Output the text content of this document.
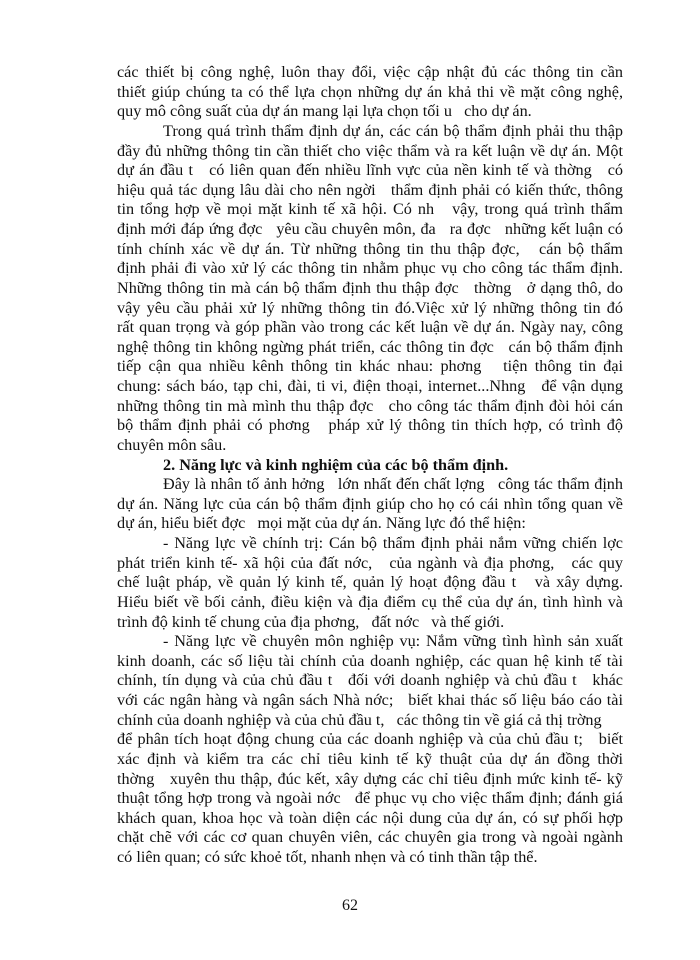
các thiết bị công nghệ, luôn thay đổi, việc cập nhật đủ các thông tin cần
thiết giúp chúng ta có thể lựa chọn những dự án khả thi về mặt công nghệ,
quy mô công suất của dự án mang lại lựa chọn tối u   cho dự án.
Trong quá trình thẩm định dự án, các cán bộ thẩm định phải thu thập
đầy đủ những thông tin cần thiết cho việc thẩm và ra kết luận về dự án. Một
dự án đầu t   có liên quan đến nhiều lĩnh vực của nền kinh tế và thờng   có
hiệu quả tác dụng lâu dài cho nên ngời   thẩm định phải có kiến thức, thông
tin tổng hợp về mọi mặt kinh tế xã hội. Có nh   vậy, trong quá trình thẩm
định mới đáp ứng đợc   yêu cầu chuyên môn, đa   ra đợc   những kết luận có
tính chính xác về dự án. Từ những thông tin thu thập đợc,   cán bộ thẩm
định phải đi vào xử lý các thông tin nhằm phục vụ cho công tác thẩm định.
Những thông tin mà cán bộ thẩm định thu thập đợc   thờng   ở dạng thô, do
vậy yêu cầu phải xử lý những thông tin đó.Việc xử lý những thông tin đó
rất quan trọng và góp phần vào trong các kết luận về dự án. Ngày nay, công
nghệ thông tin không ngừng phát triển, các thông tin đợc   cán bộ thẩm định
tiếp cận qua nhiều kênh thông tin khác nhau: phơng   tiện thông tin đại
chung: sách báo, tạp chi, đài, ti vi, điện thoại, internet...Nhng   để vận dụng
những thông tin mà mình thu thập đợc   cho công tác thẩm định đòi hỏi cán
bộ thẩm định phải có phơng   pháp xử lý thông tin thích hợp, có trình độ
chuyên môn sâu.
2. Năng lực và kinh nghiệm của các bộ thẩm định.
Đây là nhân tố ảnh hởng   lớn nhất đến chất lợng   công tác thẩm định
dự án. Năng lực của cán bộ thẩm định giúp cho họ có cái nhìn tổng quan về
dự án, hiểu biết đợc   mọi mặt của dự án. Năng lực đó thể hiện:
- Năng lực về chính trị: Cán bộ thẩm định phải nắm vững chiến lợc
phát triển kinh tế- xã hội của đất nớc,   của ngành và địa phơng,   các quy
chế luật pháp, về quản lý kinh tế, quản lý hoạt động đầu t   và xây dựng.
Hiểu biết về bối cảnh, điều kiện và địa điểm cụ thể của dự án, tình hình và
trình độ kinh tế chung của địa phơng,   đất nớc   và thế giới.
- Năng lực về chuyên môn nghiệp vụ: Nắm vững tình hình sản xuất
kinh doanh, các số liệu tài chính của doanh nghiệp, các quan hệ kinh tế tài
chính, tín dụng và của chủ đầu t   đối với doanh nghiệp và chủ đầu t   khác
với các ngân hàng và ngân sách Nhà nớc;   biết khai thác số liệu báo cáo tài
chính của doanh nghiệp và của chủ đầu t,   các thông tin về giá cả thị trờng
để phân tích hoạt động chung của các doanh nghiệp và của chủ đầu t;   biết
xác định và kiểm tra các chỉ tiêu kinh tế kỹ thuật của dự án đồng thời
thờng   xuyên thu thập, đúc kết, xây dựng các chỉ tiêu định mức kinh tế- kỹ
thuật tổng hợp trong và ngoài nớc   để phục vụ cho việc thẩm định; đánh giá
khách quan, khoa học và toàn diện các nội dung của dự án, có sự phối hợp
chặt chẽ với các cơ quan chuyên viên, các chuyên gia trong và ngoài ngành
có liên quan; có sức khoẻ tốt, nhanh nhẹn và có tinh thần tập thể.
62
